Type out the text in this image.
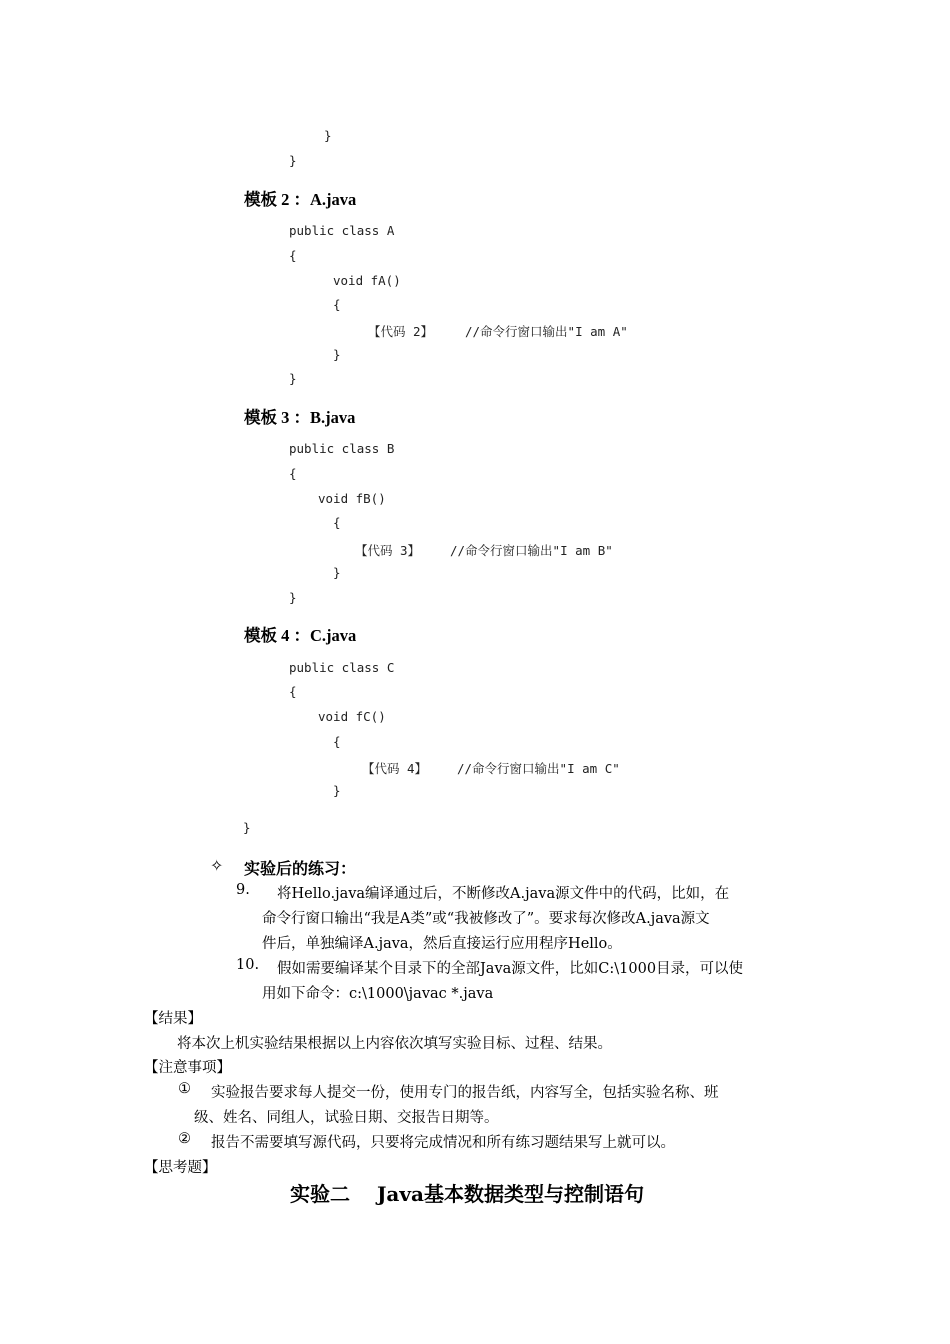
}
}
模板 2 ：A.java
public class A
{
void fA()
{
【代码 2】	//命令行窗口输出"I am A"
}
}
模板 3 ：B.java
public class B
{
void fB()
{
【代码 3】 //命令行窗口输出"I am B"
}
}
模板 4 ：C.java
public class C
{
void fC()
{
【代码 4】 //命令行窗口输出"I am C"
}
}
✧ 实验后的练习：
9. 将Hello.java编译通过后，不断修改A.java源文件中的代码，比如，在
命令行窗口输出“我是A类”或“我被修改了”。要求每次修改A.java源文
件后，单独编译A.java，然后直接运行应用程序Hello。
10. 假如需要编译某个目录下的全部Java源文件，比如C:\1000目录，可以使
用如下命令：c:\1000\javac *.java
【结果】
将本次上机实验结果根据以上内容依次填写实验目标、过程、结果。
【注意事项】
① 实验报告要求每人提交一份，使用专门的报告纸，内容写全，包括实验名称、班
级、姓名、同组人，试验日期、交报告日期等。
② 报告不需要填写源代码，只要将完成情况和所有练习题结果写上就可以。
【思考题】
实验二　 Java基本数据类型与控制语句
